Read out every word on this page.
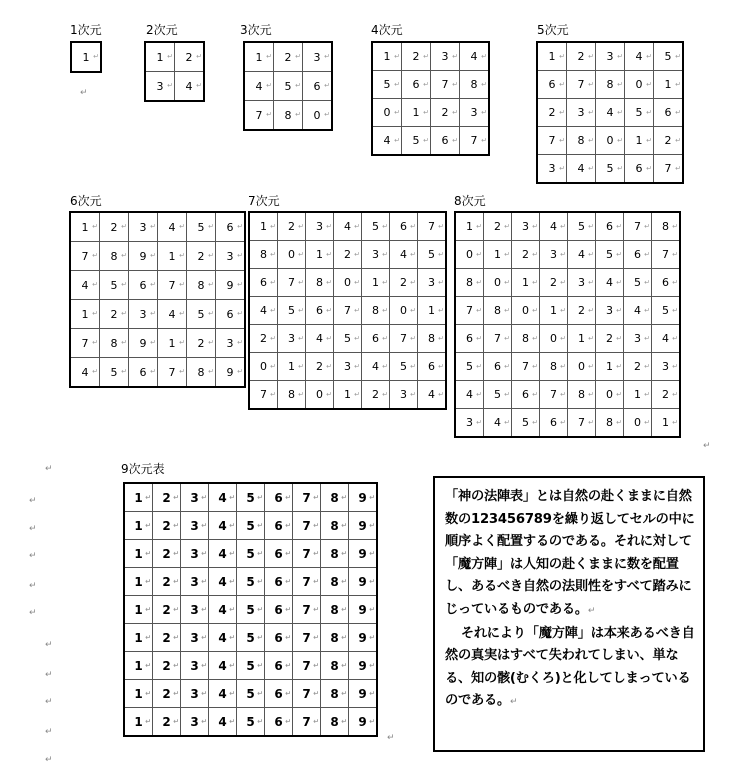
1次元
1 ↵
2次元
1 ↵	2 ↵
3 ↵	4 ↵
3次元
1 ↵	2 ↵	3 ↵
4 ↵	5 ↵	6 ↵
7 ↵	8 ↵	0 ↵
4次元
1 ↵	2 ↵	3 ↵	4 ↵
5 ↵	6 ↵	7 ↵	8 ↵
0 ↵	1 ↵	2 ↵	3 ↵
4 ↵	5 ↵	6 ↵	7 ↵
5次元
1 ↵	2 ↵	3 ↵	4 ↵	5 ↵
6 ↵	7 ↵	8 ↵	0 ↵	1 ↵
2 ↵	3 ↵	4 ↵	5 ↵	6 ↵
7 ↵	8 ↵	0 ↵	1 ↵	2 ↵
3 ↵	4 ↵	5 ↵	6 ↵	7 ↵
6次元
1 ↵	2 ↵	3 ↵	4 ↵	5 ↵	6 ↵
7 ↵	8 ↵	9 ↵	1 ↵	2 ↵	3 ↵
4 ↵	5 ↵	6 ↵	7 ↵	8 ↵	9 ↵
1 ↵	2 ↵	3 ↵	4 ↵	5 ↵	6 ↵
7 ↵	8 ↵	9 ↵	1 ↵	2 ↵	3 ↵
4 ↵	5 ↵	6 ↵	7 ↵	8 ↵	9 ↵
7次元
1 ↵	2 ↵	3 ↵	4 ↵	5 ↵	6 ↵	7 ↵
8 ↵	0 ↵	1 ↵	2 ↵	3 ↵	4 ↵	5 ↵
6 ↵	7 ↵	8 ↵	0 ↵	1 ↵	2 ↵	3 ↵
4 ↵	5 ↵	6 ↵	7 ↵	8 ↵	0 ↵	1 ↵
2 ↵	3 ↵	4 ↵	5 ↵	6 ↵	7 ↵	8 ↵
0 ↵	1 ↵	2 ↵	3 ↵	4 ↵	5 ↵	6 ↵
7 ↵	8 ↵	0 ↵	1 ↵	2 ↵	3 ↵	4 ↵
8次元
1 ↵	2 ↵	3 ↵	4 ↵	5 ↵	6 ↵	7 ↵	8 ↵
0 ↵	1 ↵	2 ↵	3 ↵	4 ↵	5 ↵	6 ↵	7 ↵
8 ↵	0 ↵	1 ↵	2 ↵	3 ↵	4 ↵	5 ↵	6 ↵
7 ↵	8 ↵	0 ↵	1 ↵	2 ↵	3 ↵	4 ↵	5 ↵
6 ↵	7 ↵	8 ↵	0 ↵	1 ↵	2 ↵	3 ↵	4 ↵
5 ↵	6 ↵	7 ↵	8 ↵	0 ↵	1 ↵	2 ↵	3 ↵
4 ↵	5 ↵	6 ↵	7 ↵	8 ↵	0 ↵	1 ↵	2 ↵
3 ↵	4 ↵	5 ↵	6 ↵	7 ↵	8 ↵	0 ↵	1 ↵
9次元表
1 ↵	2 ↵	3 ↵	4 ↵	5 ↵	6 ↵	7 ↵	8 ↵	9 ↵
1 ↵	2 ↵	3 ↵	4 ↵	5 ↵	6 ↵	7 ↵	8 ↵	9 ↵
1 ↵	2 ↵	3 ↵	4 ↵	5 ↵	6 ↵	7 ↵	8 ↵	9 ↵
1 ↵	2 ↵	3 ↵	4 ↵	5 ↵	6 ↵	7 ↵	8 ↵	9 ↵
1 ↵	2 ↵	3 ↵	4 ↵	5 ↵	6 ↵	7 ↵	8 ↵	9 ↵
1 ↵	2 ↵	3 ↵	4 ↵	5 ↵	6 ↵	7 ↵	8 ↵	9 ↵
1 ↵	2 ↵	3 ↵	4 ↵	5 ↵	6 ↵	7 ↵	8 ↵	9 ↵
1 ↵	2 ↵	3 ↵	4 ↵	5 ↵	6 ↵	7 ↵	8 ↵	9 ↵
1 ↵	2 ↵	3 ↵	4 ↵	5 ↵	6 ↵	7 ↵	8 ↵	9 ↵
↵
↵
↵
↵
↵
↵
↵
↵
↵
↵
↵
↵
↵
↵

「神の法陣表」とは自然の赴くままに自然数の123456789を繰り返してセルの中に順序よく配置するのである。それに対して「魔方陣」は人知の赴くままに数を配置し、あるべき自然の法則性をすべて踏みにじっているものである。↵

それにより「魔方陣」は本来あるべき自然の真実はすべて失われてしまい、単なる、知の骸(むくろ)と化してしまっているのである。↵
